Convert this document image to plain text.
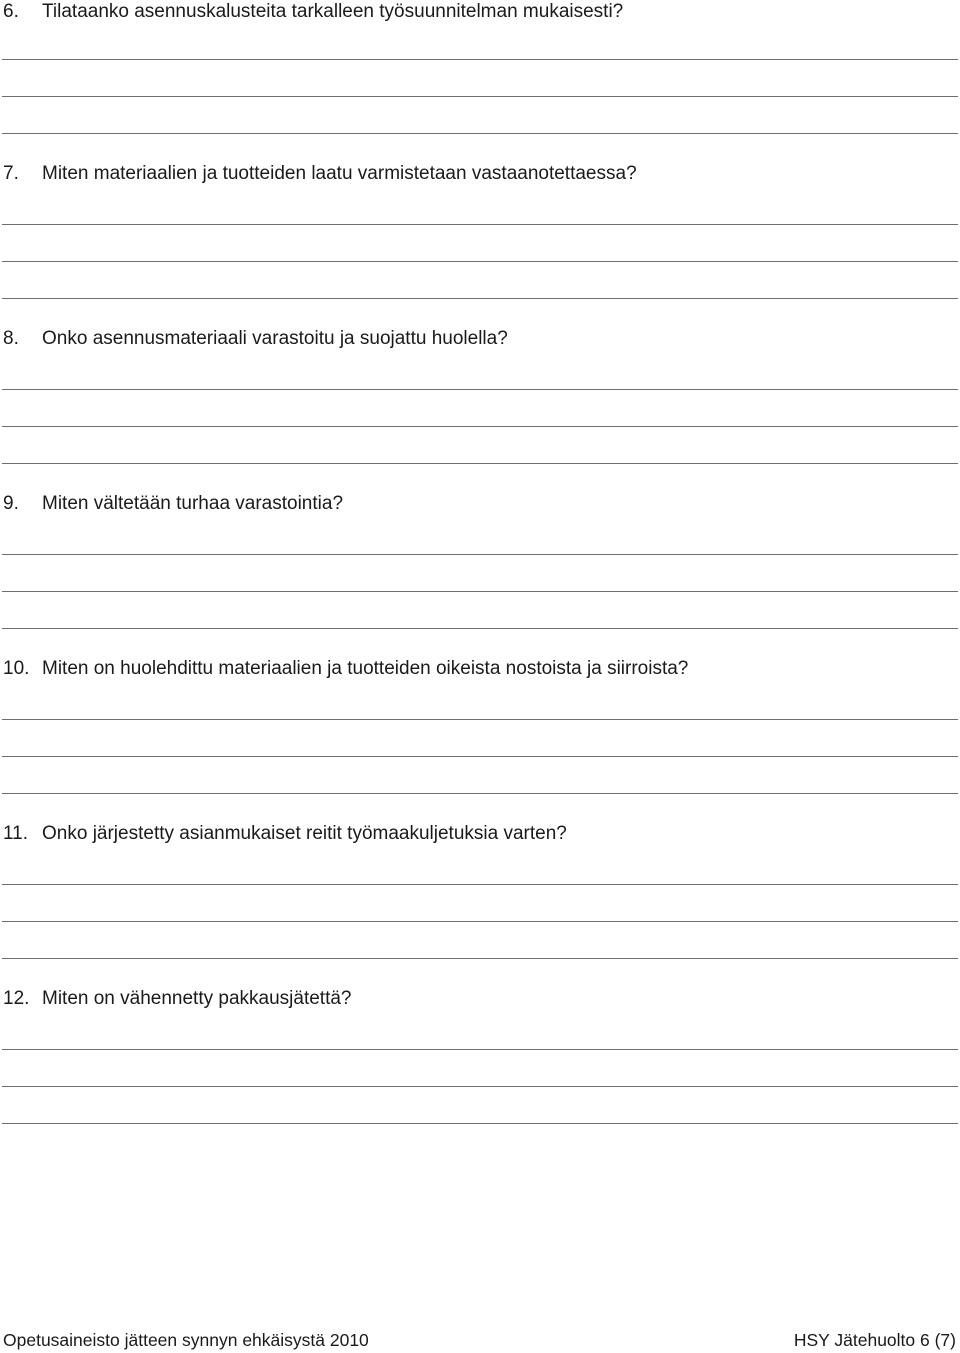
6. Tilataanko asennuskalusteita tarkalleen työsuunnitelman mukaisesti?
7. Miten materiaalien ja tuotteiden laatu varmistetaan vastaanotettaessa?
8. Onko asennusmateriaali varastoitu ja suojattu huolella?
9. Miten vältetään turhaa varastointia?
10. Miten on huolehdittu materiaalien ja tuotteiden oikeista nostoista ja siirroista?
11. Onko järjestetty asianmukaiset reitit työmaakuljetuksia varten?
12. Miten on vähennetty pakkausjätettä?
Opetusaineisto jätteen synnyn ehkäisystä 2010	HSY Jätehuolto 6 (7)
